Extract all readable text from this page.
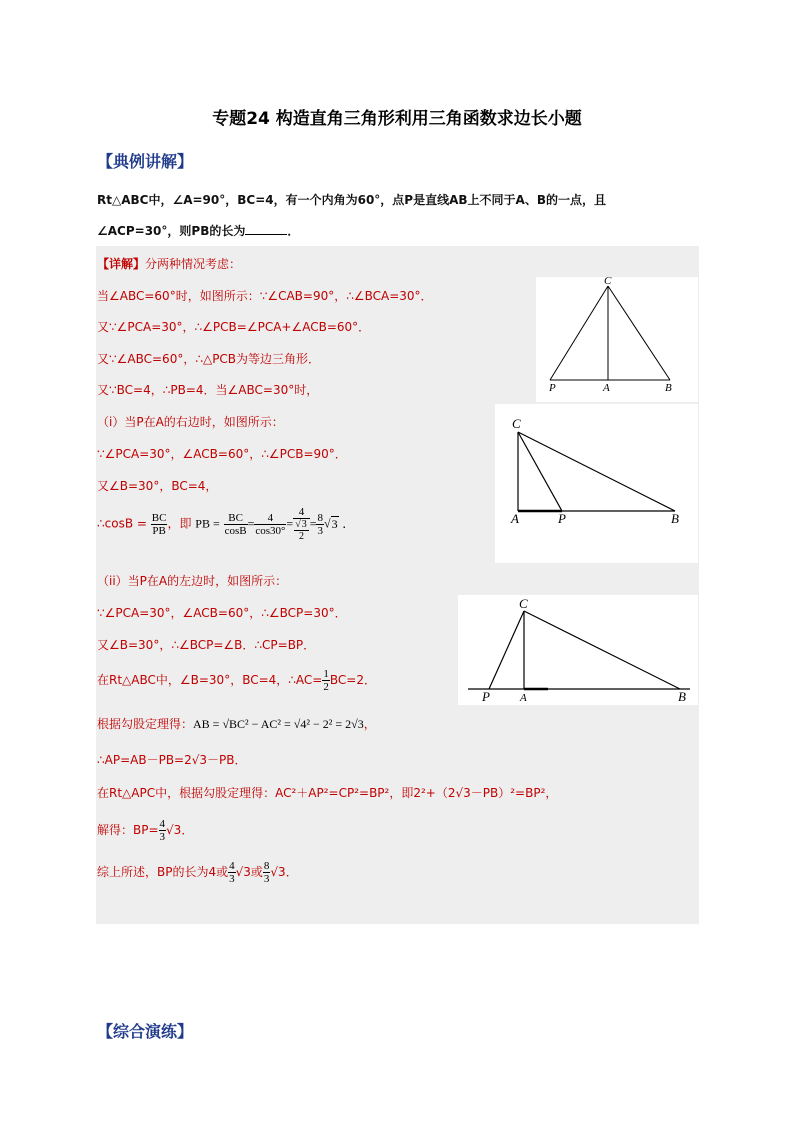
专题24 构造直角三角形利用三角函数求边长小题
【典例讲解】
Rt△ABC中，∠A=90°，BC=4，有一个内角为60°，点P是直线AB上不同于A、B的一点，且
∠ACP=30°，则PB的长为	．
【详解】分两种情况考虑：
当∠ABC=60°时，如图所示：∵∠CAB=90°，∴∠BCA=30°．
又∵∠PCA=30°，∴∠PCB=∠PCA+∠ACB=60°．
又∵∠ABC=60°，∴△PCB为等边三角形．
又∵BC=4，∴PB=4．当∠ABC=30°时，
（i）当P在A的右边时，如图所示：
∵∠PCA=30°，∠ACB=60°，∴∠PCB=90°．
又∠B=30°，BC=4，
∴cosB = $\frac{BC}{PB}$ ，即 PB = $\frac{BC}{\cos B} = \frac{4}{\cos 30^\circ} = \frac{4}{\frac{√3}{2}} = \frac{8}{3} √3$ ．
（ii）当P在A的左边时，如图所示：
∵∠PCA=30°，∠ACB=60°，∴∠BCP=30°．
又∠B=30°，∴∠BCP=∠B．∴CP=BP．
在Rt△ABC中，∠B=30°，BC=4，∴AC= $\frac{1}{2} BC=2$．
根据勾股定理得：AB = √BC² − AC² = √4² − 2² = 2√3，
∴AP=AB－PB=2√3－PB．
在Rt△APC中，根据勾股定理得：AC²＋AP²=CP²=BP²，即2²+（2√3－PB）²=BP²，
解得：$BP= \frac{4}{3} √3$．
综上所述，BP的长为4或 $\frac{4}{3} √3$或 $\frac{8}{3} √3$．
C
P	A	B
C
A	P	B
C
P	A	B
【综合演练】
